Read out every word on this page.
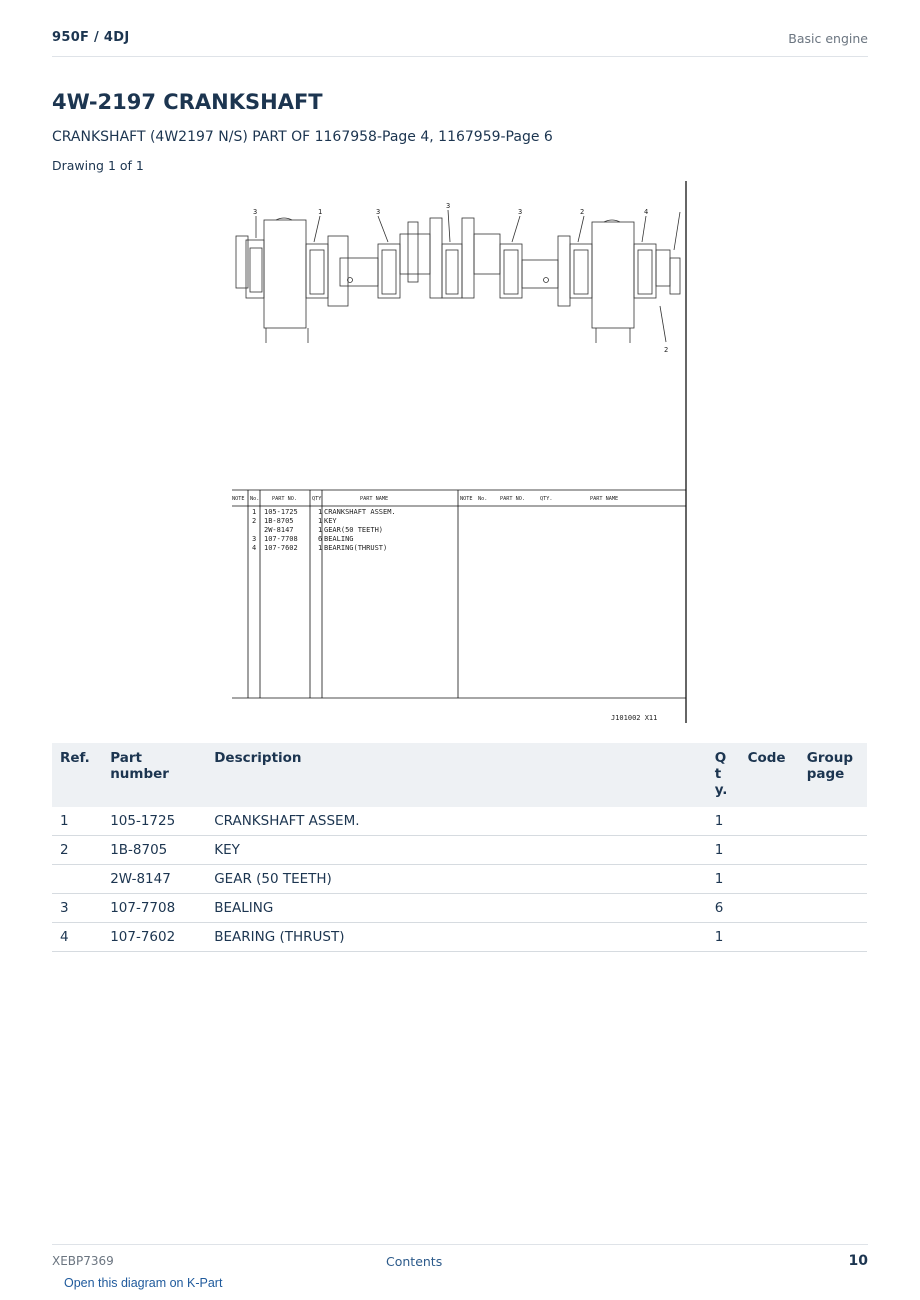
950F / 4DJ	Basic engine
4W-2197 CRANKSHAFT
CRANKSHAFT (4W2197 N/S) PART OF 1167958-Page 4, 1167959-Page 6
Drawing 1 of 1
3	1	3
3
3	2	4
2
NOTE No. PART NO.	QTY	PART NAME	NOTE No. PART NO.	QTY.	PART NAME
1 105-1725	1 CRANKSHAFT ASSEM.
2 1B-8705	1 KEY
2W-8147	1 GEAR(50 TEETH)
3 107-7708	6 BEALING
4 107-7602	1 BEARING(THRUST)
J101002 X11
Ref.	Part number	Description	Qty.	Code	Group page
1	105-1725	CRANKSHAFT ASSEM.	1		
2	1B-8705	KEY	1		
	2W-8147	GEAR (50 TEETH)	1		
3	107-7708	BEALING	6		
4	107-7602	BEARING (THRUST)	1		
XEBP7369	Contents	10
Open this diagram on K-Part
